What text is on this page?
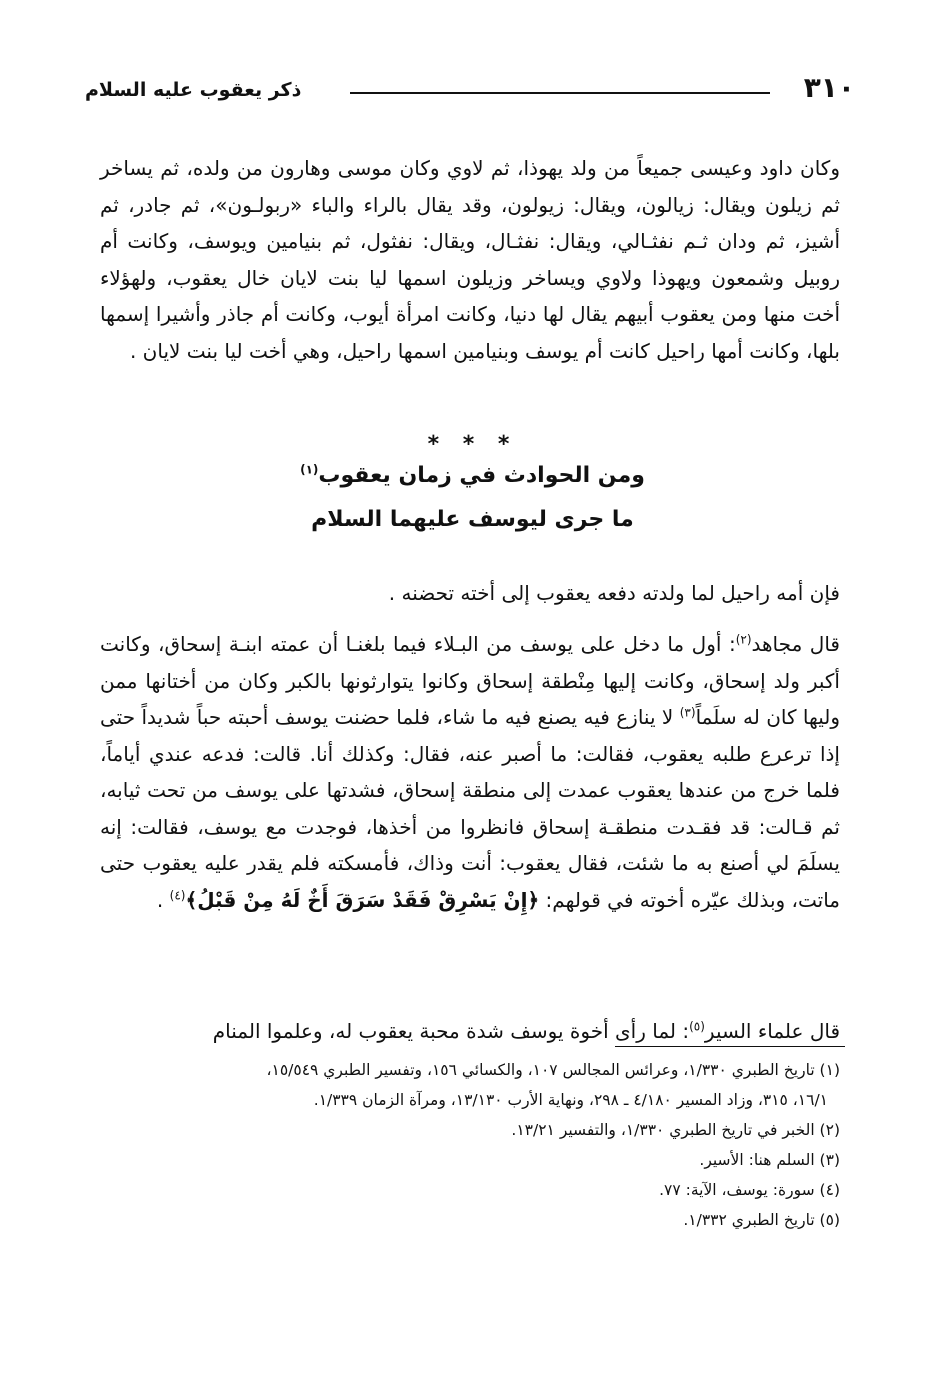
٣١٠
ذكر يعقوب عليه السلام

وكان داود وعيسى جميعاً من ولد يهوذا، ثم لاوي وكان موسى وهارون من ولده، ثم يساخر ثم زيلون ويقال: زيالون، ويقال: زيولون، وقد يقال بالراء والباء «ربولـون»، ثم جادر، ثم أشيز، ثم ودان ثـم نفثـالي، ويقال: نفثـال، ويقال: نفثول، ثم بنيامين ويوسف، وكانت أم روبيل وشمعون ويهوذا ولاوي ويساخر وزيلون اسمها ليا بنت لايان خال يعقوب، ولهؤلاء أخت منها ومن يعقوب أبيهم يقال لها دنيا، وكانت امرأة أيوب، وكانت أم جاذر وأشيرا إسمها بلها، وكانت أمها راحيل كانت أم يوسف وبنيامين اسمها راحيل، وهي أخت ليا بنت لايان .

* * *
ومن الحوادث في زمان يعقوب$^{(١)}$
ما جرى ليوسف عليهما السلام

فإن أمه راحيل لما ولدته دفعه يعقوب إلى أخته تحضنه .

قال مجاهد$^{(٢)}$: أول ما دخل على يوسف من البـلاء فيما بلغنـا أن عمته ابنـة إسحاق، وكانت أكبر ولد إسحاق، وكانت إليها مِنْطقة إسحاق وكانوا يتوارثونها بالكبر وكان من أختانها ممن وليها كان له سلَماً$^{(٣)}$ لا ينازع فيه يصنع فيه ما شاء، فلما حضنت يوسف أحبته حباً شديداً حتى إذا ترعرع طلبه يعقوب، فقالت: ما أصبر عنه، فقال: وكذلك أنا. قالت: فدعه عندي أياماً، فلما خرج من عندها يعقوب عمدت إلى منطقة إسحاق، فشدتها على يوسف من تحت ثيابه، ثم قـالت: قد فقـدت منطقـة إسحاق فانظروا من أخذها، فوجدت مع يوسف، فقالت: إنه يسلَمَ لي أصنع به ما شئت، فقال يعقوب: أنت وذاك، فأمسكته فلم يقدر عليه يعقوب حتى ماتت، وبذلك عيّره أخوته في قولهم: ﴿إِنْ يَسْرِقْ فَقَدْ سَرَقَ أَخٌ لَهُ مِنْ قَبْلُ﴾$^{(٤)}$ .

قال علماء السير$^{(٥)}$: لما رأى أخوة يوسف شدة محبة يعقوب له، وعلموا المنام

(١) تاريخ الطبري ١/٣٣٠، وعرائس المجالس ١٠٧، والكسائي ١٥٦، وتفسير الطبري ١٥/٥٤٩،

١٦/١، ٣١٥، وزاد المسير ٤/١٨٠ ـ ٢٩٨، ونهاية الأرب ١٣/١٣٠، ومرآة الزمان ١/٣٣٩.

(٢) الخبر في تاريخ الطبري ١/٣٣٠، والتفسير ١٣/٢١.

(٣) السلم هنا: الأسير.

(٤) سورة: يوسف، الآية: ٧٧.

(٥) تاريخ الطبري ١/٣٣٢.
